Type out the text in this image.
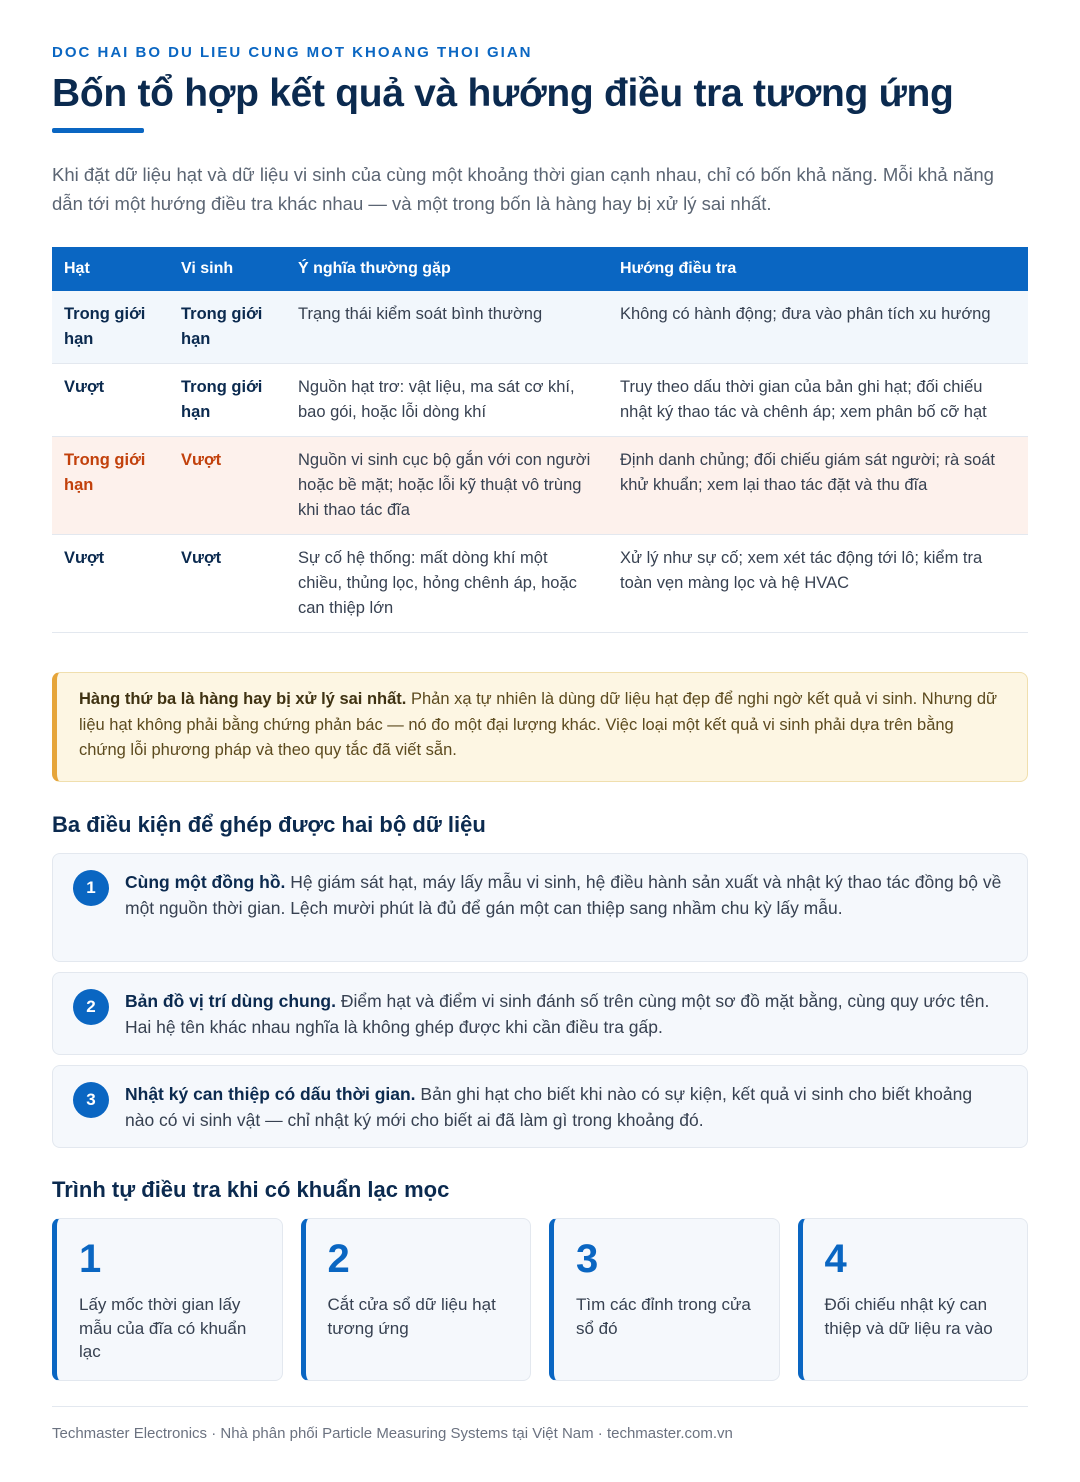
DOC HAI BO DU LIEU CUNG MOT KHOANG THOI GIAN
Bốn tổ hợp kết quả và hướng điều tra tương ứng

Khi đặt dữ liệu hạt và dữ liệu vi sinh của cùng một khoảng thời gian cạnh nhau, chỉ có bốn khả năng. Mỗi khả năng dẫn tới một hướng điều tra khác nhau — và một trong bốn là hàng hay bị xử lý sai nhất.

Hạt	Vi sinh	Ý nghĩa thường gặp	Hướng điều tra
Trong giới hạn	Trong giới hạn	Trạng thái kiểm soát bình thường	Không có hành động; đưa vào phân tích xu hướng
Vượt	Trong giới hạn	Nguồn hạt trơ: vật liệu, ma sát cơ khí, bao gói, hoặc lỗi dòng khí	Truy theo dấu thời gian của bản ghi hạt; đối chiếu nhật ký thao tác và chênh áp; xem phân bố cỡ hạt
Trong giới hạn	Vượt	Nguồn vi sinh cục bộ gắn với con người hoặc bề mặt; hoặc lỗi kỹ thuật vô trùng khi thao tác đĩa	Định danh chủng; đối chiếu giám sát người; rà soát khử khuẩn; xem lại thao tác đặt và thu đĩa
Vượt	Vượt	Sự cố hệ thống: mất dòng khí một chiều, thủng lọc, hỏng chênh áp, hoặc can thiệp lớn	Xử lý như sự cố; xem xét tác động tới lô; kiểm tra toàn vẹn màng lọc và hệ HVAC
Hàng thứ ba là hàng hay bị xử lý sai nhất. Phản xạ tự nhiên là dùng dữ liệu hạt đẹp để nghi ngờ kết quả vi sinh. Nhưng dữ liệu hạt không phải bằng chứng phản bác — nó đo một đại lượng khác. Việc loại một kết quả vi sinh phải dựa trên bằng chứng lỗi phương pháp và theo quy tắc đã viết sẵn.
Ba điều kiện để ghép được hai bộ dữ liệu
1	Cùng một đồng hồ. Hệ giám sát hạt, máy lấy mẫu vi sinh, hệ điều hành sản xuất và nhật ký thao tác đồng bộ về một nguồn thời gian. Lệch mười phút là đủ để gán một can thiệp sang nhầm chu kỳ lấy mẫu.
2	Bản đồ vị trí dùng chung. Điểm hạt và điểm vi sinh đánh số trên cùng một sơ đồ mặt bằng, cùng quy ước tên. Hai hệ tên khác nhau nghĩa là không ghép được khi cần điều tra gấp.
3	Nhật ký can thiệp có dấu thời gian. Bản ghi hạt cho biết khi nào có sự kiện, kết quả vi sinh cho biết khoảng nào có vi sinh vật — chỉ nhật ký mới cho biết ai đã làm gì trong khoảng đó.
Trình tự điều tra khi có khuẩn lạc mọc
1
Lấy mốc thời gian lấy mẫu của đĩa có khuẩn lạc
2
Cắt cửa sổ dữ liệu hạt tương ứng
3
Tìm các đỉnh trong cửa sổ đó
4
Đối chiếu nhật ký can thiệp và dữ liệu ra vào
Techmaster Electronics · Nhà phân phối Particle Measuring Systems tại Việt Nam · techmaster.com.vn
